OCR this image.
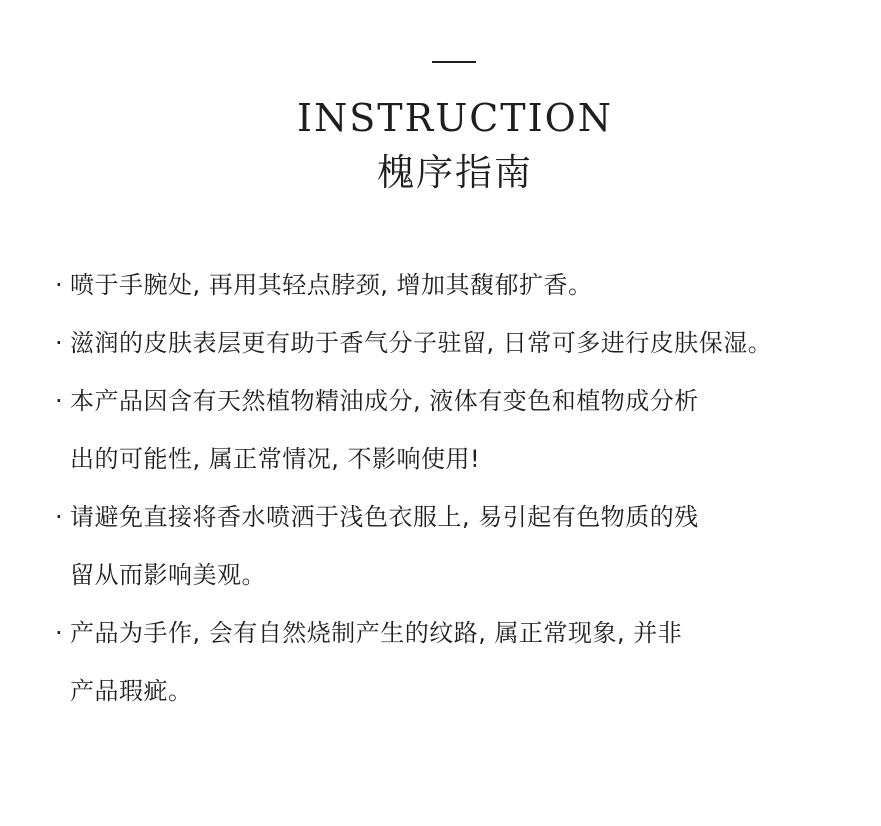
INSTRUCTION
槐序指南
· 喷于手腕处, 再用其轻点脖颈, 增加其馥郁扩香。
· 滋润的皮肤表层更有助于香气分子驻留, 日常可多进行皮肤保湿。
· 本产品因含有天然植物精油成分, 液体有变色和植物成分析
出的可能性, 属正常情况, 不影响使用!
· 请避免直接将香水喷洒于浅色衣服上, 易引起有色物质的残
留从而影响美观。
· 产品为手作, 会有自然烧制产生的纹路, 属正常现象, 并非
产品瑕疵。
